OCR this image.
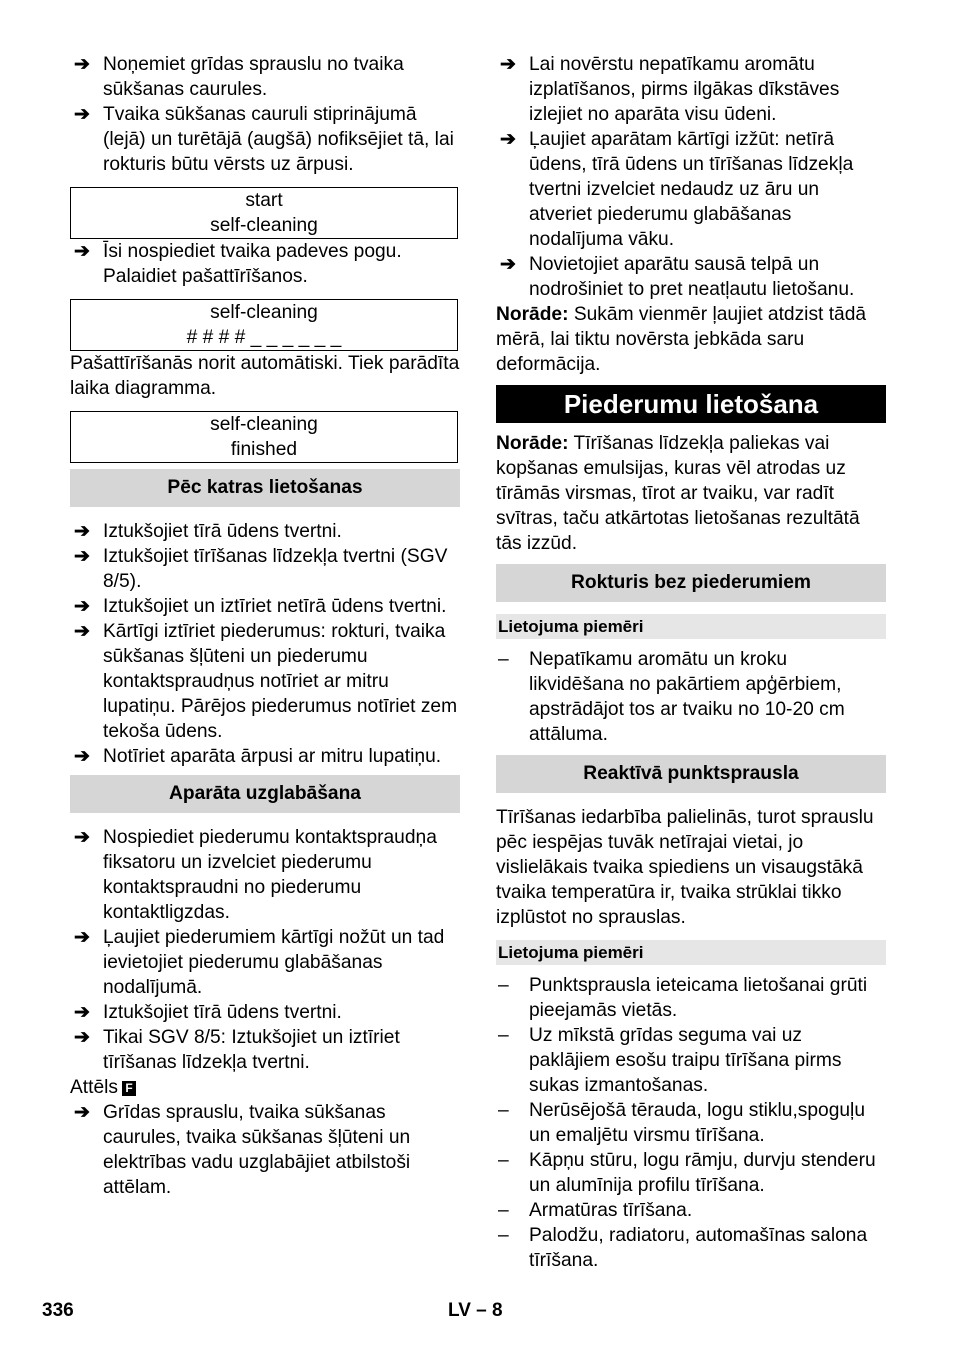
➔ Noņemiet grīdas sprauslu no tvaika sūkšanas caurules.
➔ Tvaika sūkšanas cauruli stiprinājumā (lejā) un turētājā (augšā) nofiksējiet tā, lai rokturis būtu vērsts uz ārpusi.
start
self-cleaning
➔ Īsi nospiediet tvaika padeves pogu. Palaidiet pašattīrīšanos.
self-cleaning
# # # # _ _ _ _ _ _

Pašattīrīšanās norit automātiski. Tiek parādīta laika diagramma.

self-cleaning
finished
Pēc katras lietošanas
➔ Iztukšojiet tīrā ūdens tvertni.
➔ Iztukšojiet tīrīšanas līdzekļa tvertni (SGV 8/5).
➔ Iztukšojiet un iztīriet netīrā ūdens tvertni.
➔ Kārtīgi iztīriet piederumus: rokturi, tvaika sūkšanas šļūteni un piederumu kontaktspraudņus notīriet ar mitru lupatiņu. Pārējos piederumus notīriet zem tekoša ūdens.
➔ Notīriet aparāta ārpusi ar mitru lupatiņu.
Aparāta uzglabāšana
➔ Nospiediet piederumu kontaktspraudņa fiksatoru un izvelciet piederumu kontaktspraudni no piederumu kontaktligzdas.
➔ Ļaujiet piederumiem kārtīgi nožūt un tad ievietojiet piederumu glabāšanas nodalījumā.
➔ Iztukšojiet tīrā ūdens tvertni.
➔ Tikai SGV 8/5: Iztukšojiet un iztīriet tīrīšanas līdzekļa tvertni.

Attēls F

➔ Grīdas sprauslu, tvaika sūkšanas caurules, tvaika sūkšanas šļūteni un elektrības vadu uzglabājiet atbilstoši attēlam.
➔ Lai novērstu nepatīkamu aromātu izplatīšanos, pirms ilgākas dīkstāves izlejiet no aparāta visu ūdeni.
➔ Ļaujiet aparātam kārtīgi izžūt: netīrā ūdens, tīrā ūdens un tīrīšanas līdzekļa tvertni izvelciet nedaudz uz āru un atveriet piederumu glabāšanas nodalījuma vāku.
➔ Novietojiet aparātu sausā telpā un nodrošiniet to pret neatļautu lietošanu.

Norāde: Sukām vienmēr ļaujiet atdzist tādā mērā, lai tiktu novērsta jebkāda saru deformācija.

Piederumu lietošana

Norāde: Tīrīšanas līdzekļa paliekas vai kopšanas emulsijas, kuras vēl atrodas uz tīrāmās virsmas, tīrot ar tvaiku, var radīt svītras, taču atkārtotas lietošanas rezultātā tās izzūd.

Rokturis bez piederumiem
Lietojuma piemēri
– Nepatīkamu aromātu un kroku likvidēšana no pakārtiem apģērbiem, apstrādājot tos ar tvaiku no 10-20 cm attāluma.
Reaktīvā punktsprausla

Tīrīšanas iedarbība palielinās, turot sprauslu pēc iespējas tuvāk netīrajai vietai, jo vislielākais tvaika spiediens un visaugstākā tvaika temperatūra ir, tvaika strūklai tikko izplūstot no sprauslas.

Lietojuma piemēri
– Punktsprausla ieteicama lietošanai grūti pieejamās vietās.
– Uz mīkstā grīdas seguma vai uz paklājiem esošu traipu tīrīšana pirms sukas izmantošanas.
– Nerūsējošā tērauda, logu stiklu,spoguļu un emaljētu virsmu tīrīšana.
– Kāpņu stūru, logu rāmju, durvju stenderu un alumīnija profilu tīrīšana.
– Armatūras tīrīšana.
– Palodžu, radiatoru, automašīnas salona tīrīšana.
336	LV – 8
